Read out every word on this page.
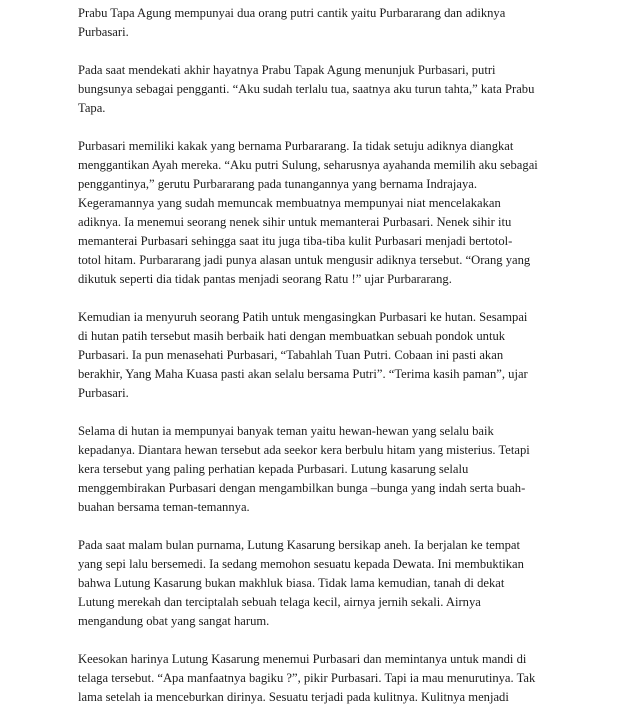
Prabu Tapa Agung mempunyai dua orang putri cantik yaitu Purbararang dan adiknya
Purbasari.

Pada saat mendekati akhir hayatnya Prabu Tapak Agung menunjuk Purbasari, putri
bungsunya sebagai pengganti. “Aku sudah terlalu tua, saatnya aku turun tahta,” kata Prabu
Tapa.

Purbasari memiliki kakak yang bernama Purbararang. Ia tidak setuju adiknya diangkat
menggantikan Ayah mereka. “Aku putri Sulung, seharusnya ayahanda memilih aku sebagai
penggantinya,” gerutu Purbararang pada tunangannya yang bernama Indrajaya.
Kegeramannya yang sudah memuncak membuatnya mempunyai niat mencelakakan
adiknya. Ia menemui seorang nenek sihir untuk memanterai Purbasari. Nenek sihir itu
memanterai Purbasari sehingga saat itu juga tiba-tiba kulit Purbasari menjadi bertotol-
totol hitam. Purbararang jadi punya alasan untuk mengusir adiknya tersebut. “Orang yang
dikutuk seperti dia tidak pantas menjadi seorang Ratu !” ujar Purbararang.

Kemudian ia menyuruh seorang Patih untuk mengasingkan Purbasari ke hutan. Sesampai
di hutan patih tersebut masih berbaik hati dengan membuatkan sebuah pondok untuk
Purbasari. Ia pun menasehati Purbasari, “Tabahlah Tuan Putri. Cobaan ini pasti akan
berakhir, Yang Maha Kuasa pasti akan selalu bersama Putri”. “Terima kasih paman”, ujar
Purbasari.

Selama di hutan ia mempunyai banyak teman yaitu hewan-hewan yang selalu baik
kepadanya. Diantara hewan tersebut ada seekor kera berbulu hitam yang misterius. Tetapi
kera tersebut yang paling perhatian kepada Purbasari. Lutung kasarung selalu
menggembirakan Purbasari dengan mengambilkan bunga –bunga yang indah serta buah-
buahan bersama teman-temannya.

Pada saat malam bulan purnama, Lutung Kasarung bersikap aneh. Ia berjalan ke tempat
yang sepi lalu bersemedi. Ia sedang memohon sesuatu kepada Dewata. Ini membuktikan
bahwa Lutung Kasarung bukan makhluk biasa. Tidak lama kemudian, tanah di dekat
Lutung merekah dan terciptalah sebuah telaga kecil, airnya jernih sekali. Airnya
mengandung obat yang sangat harum.

Keesokan harinya Lutung Kasarung menemui Purbasari dan memintanya untuk mandi di
telaga tersebut. “Apa manfaatnya bagiku ?”, pikir Purbasari. Tapi ia mau menurutinya. Tak
lama setelah ia menceburkan dirinya. Sesuatu terjadi pada kulitnya. Kulitnya menjadi
